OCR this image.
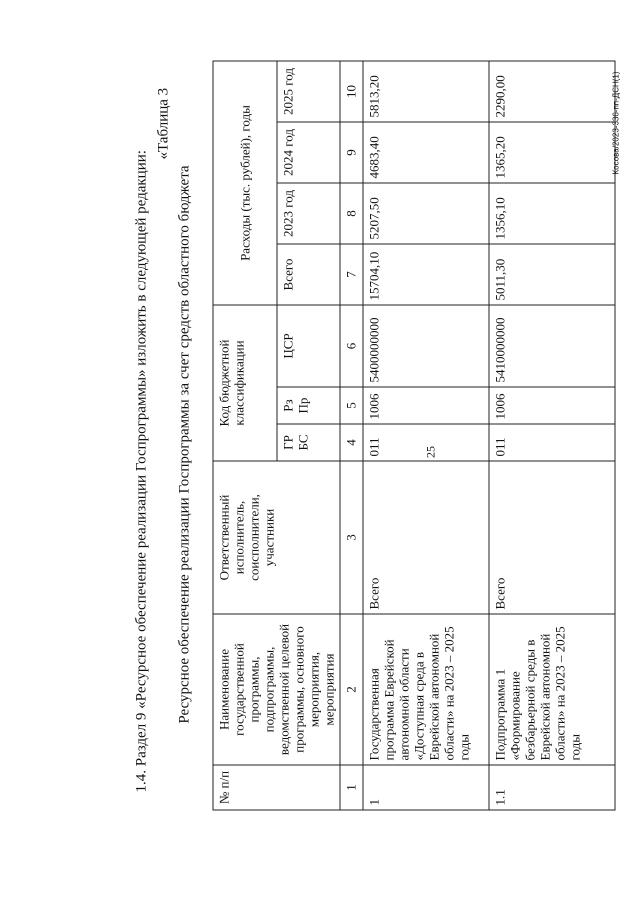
25
1.4. Раздел 9 «Ресурсное обеспечение реализации Госпрограммы» изложить в следующей редакции:
«Таблица 3
Ресурсное обеспечение реализации Госпрограммы за счет средств областного бюджета
№ п/п	Наименование государственной программы, подпрограммы, ведомственной целевой программы, основного мероприятия, мероприятия	Ответственный исполнитель, соисполнители, участники	Код бюджетной классификации			Расходы (тыс. рублей), годы			
			ГР БС	Рз Пр	ЦСР	Всего	2023 год	2024 год	2025 год
1	2	3	4	5	6	7	8	9	10
1	Государственная программа Еврейской автономной области «Доступная среда в Еврейской автономной области» на 2023 – 2025 годы	Всего	011	1006	5400000000	15704,10	5207,50	4683,40	5813,20
1.1	Подпрограмма 1 «Формирование безбарьерной среды в Еврейской автономной области» на 2023 – 2025 годы	Всего	011	1006	5410000000	5011,30	1356,10	1365,20	2290,00	Косова/2023-336-пп-ДСН(1)
